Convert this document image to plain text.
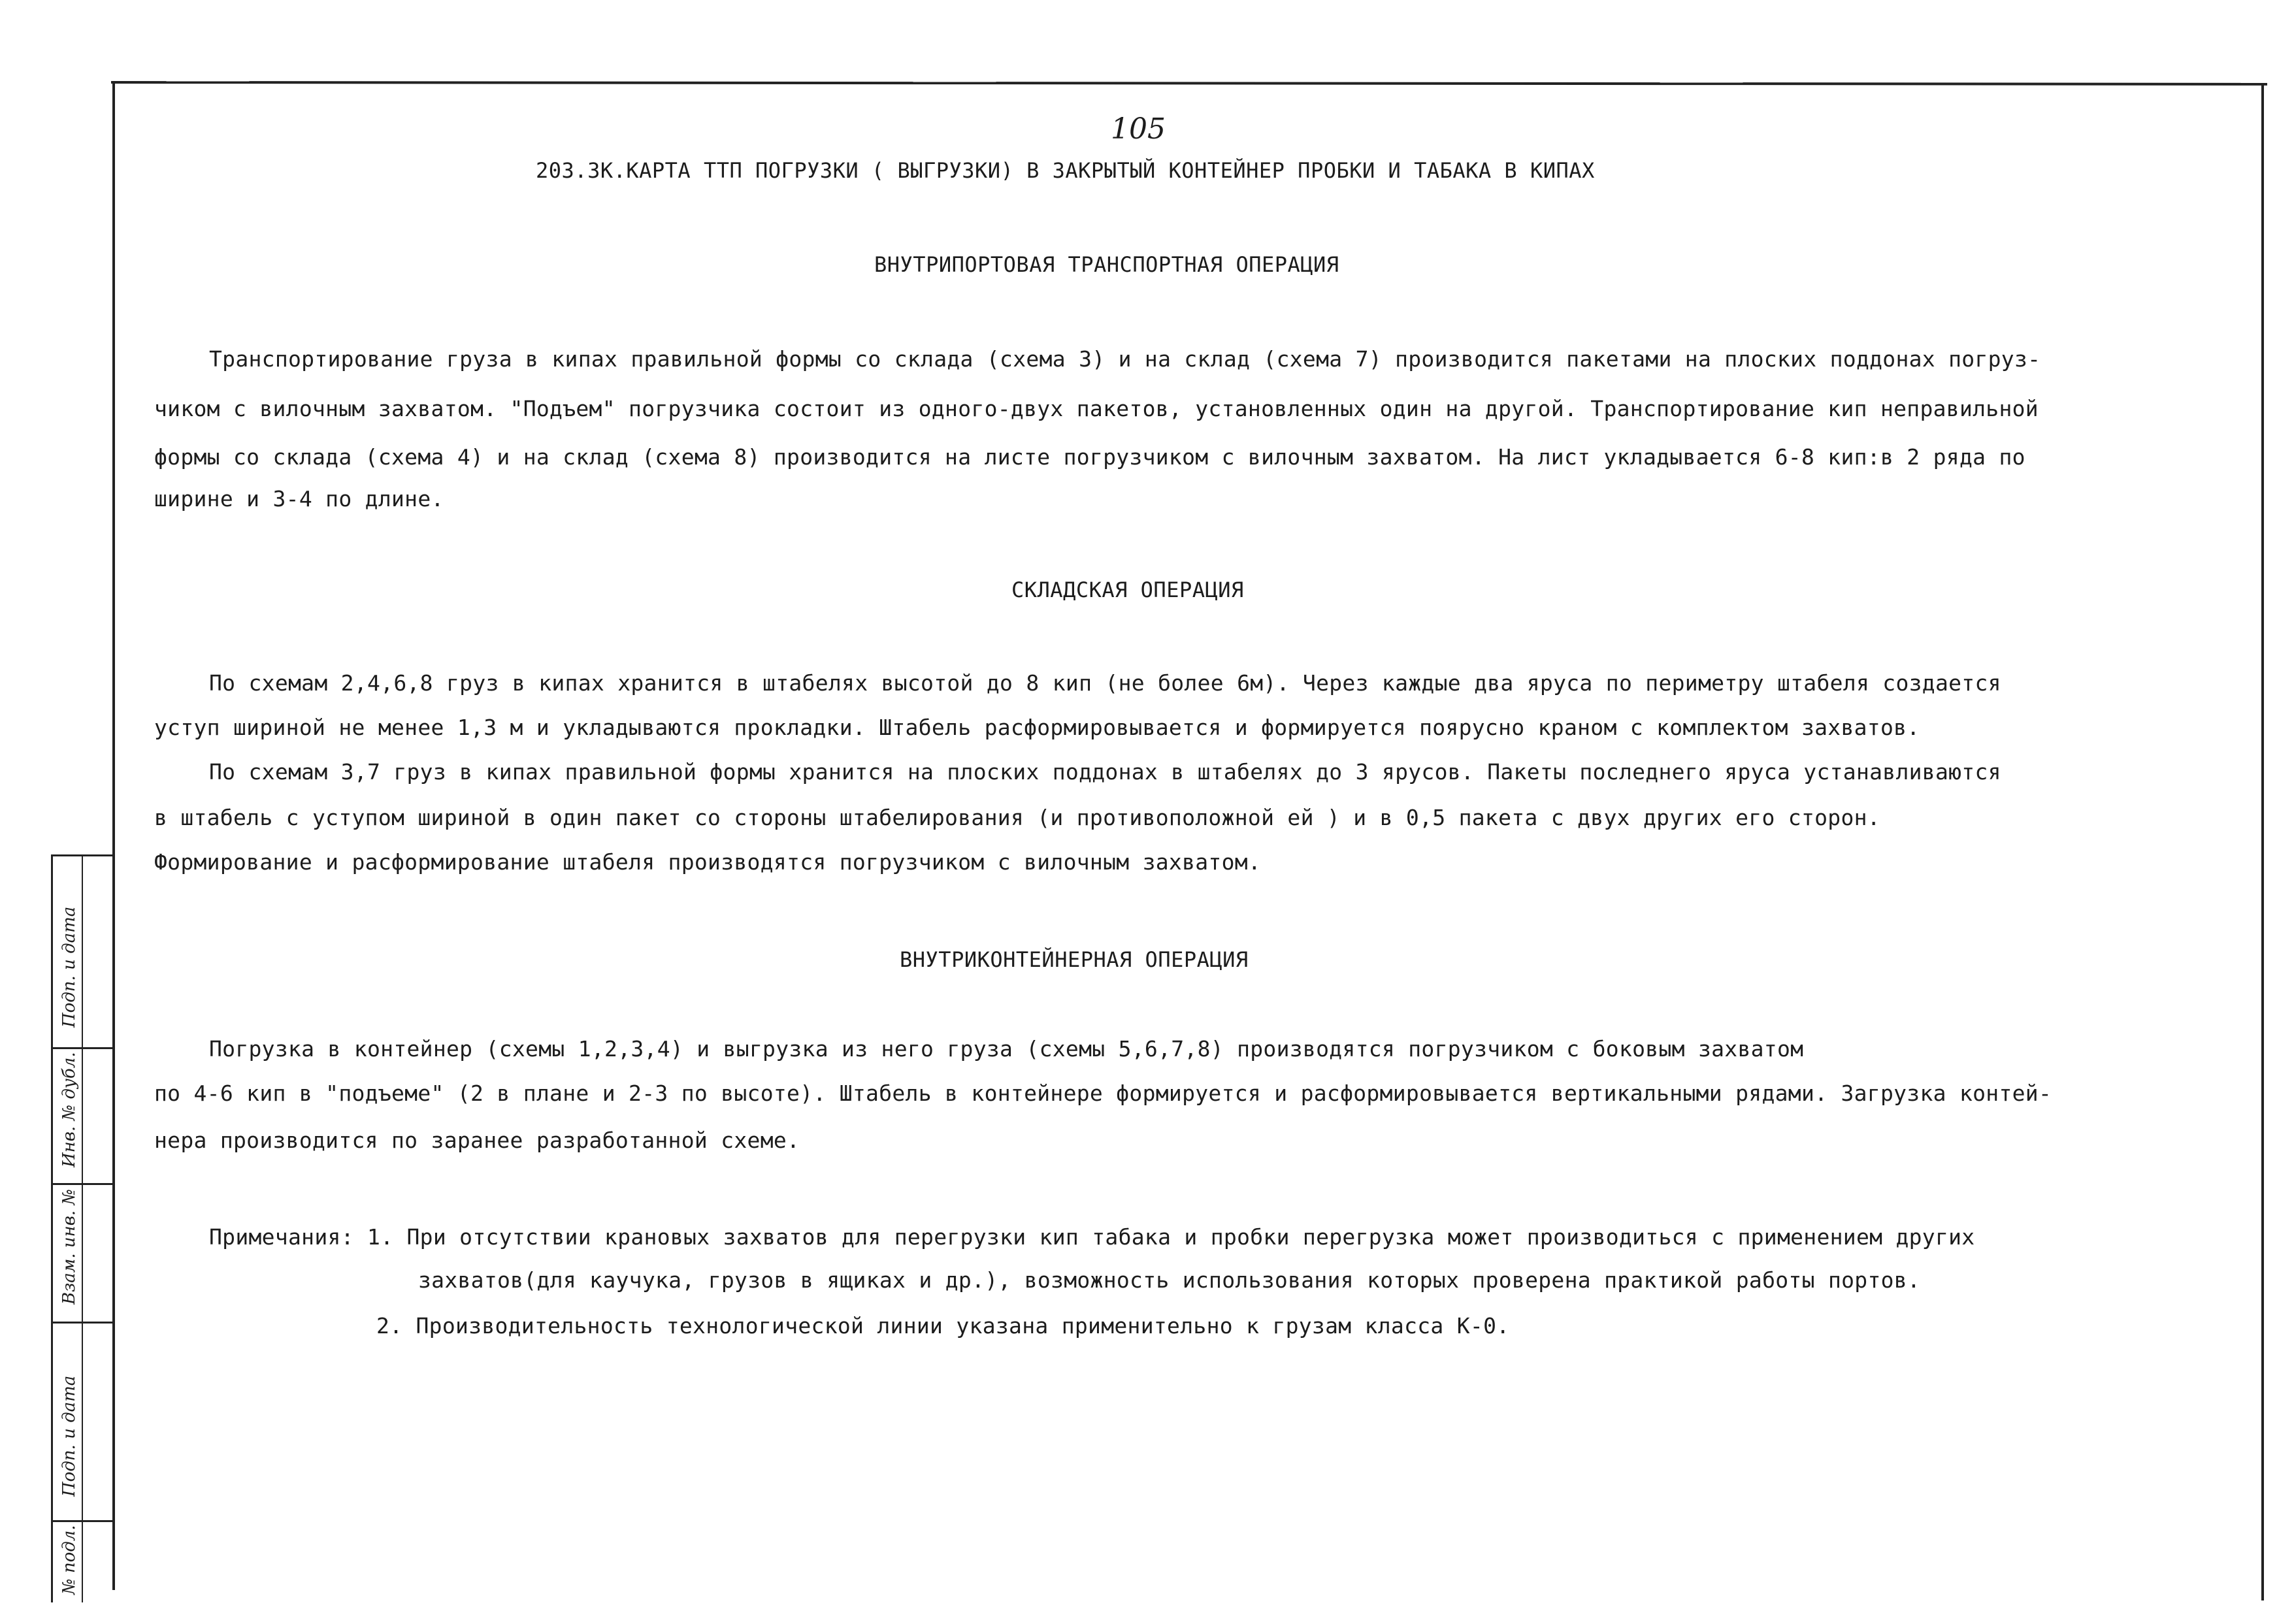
105
203.3К.КАРТА ТТП ПОГРУЗКИ ( ВЫГРУЗКИ) В ЗАКРЫТЫЙ КОНТЕЙНЕР ПРОБКИ И ТАБАКА В КИПАХ
ВНУТРИПОРТОВАЯ ТРАНСПОРТНАЯ ОПЕРАЦИЯ
Транспортирование груза в кипах правильной формы со склада (схема 3) и на склад (схема 7) производится пакетами на плоских поддонах погруз-
чиком с вилочным захватом. "Подъем" погрузчика состоит из одного-двух пакетов, установленных один на другой. Транспортирование кип неправильной
формы со склада (схема 4) и на склад (схема 8) производится на листе погрузчиком с вилочным захватом. На лист укладывается 6-8 кип:в 2 ряда по
ширине и 3-4 по длине.
СКЛАДСКАЯ ОПЕРАЦИЯ
По схемам 2,4,6,8 груз в кипах хранится в штабелях высотой до 8 кип (не более 6м). Через каждые два яруса по периметру штабеля создается
уступ шириной не менее 1,3 м и укладываются прокладки. Штабель расформировывается и формируется поярусно краном с комплектом захватов.
По схемам 3,7 груз в кипах правильной формы хранится на плоских поддонах в штабелях до 3 ярусов. Пакеты последнего яруса устанавливаются
в штабель с уступом шириной в один пакет со стороны штабелирования (и противоположной ей ) и в 0,5 пакета с двух других его сторон.
Формирование и расформирование штабеля производятся погрузчиком с вилочным захватом.
ВНУТРИКОНТЕЙНЕРНАЯ ОПЕРАЦИЯ
Погрузка в контейнер (схемы 1,2,3,4) и выгрузка из него груза (схемы 5,6,7,8) производятся погрузчиком с боковым захватом
по 4-6 кип в "подъеме" (2 в плане и 2-3 по высоте). Штабель в контейнере формируется и расформировывается вертикальными рядами. Загрузка контей-
нера производится по заранее разработанной схеме.
Примечания: 1. При отсутствии крановых захватов для перегрузки кип табака и пробки перегрузка может производиться с применением других
захватов(для каучука, грузов в ящиках и др.), возможность использования которых проверена практикой работы портов.
2. Производительность технологической линии указана применительно к грузам класса К-0.
Подп. и дата
Инв. № дубл.
Взам. инв. №
Подп. и дата
№ подл.
